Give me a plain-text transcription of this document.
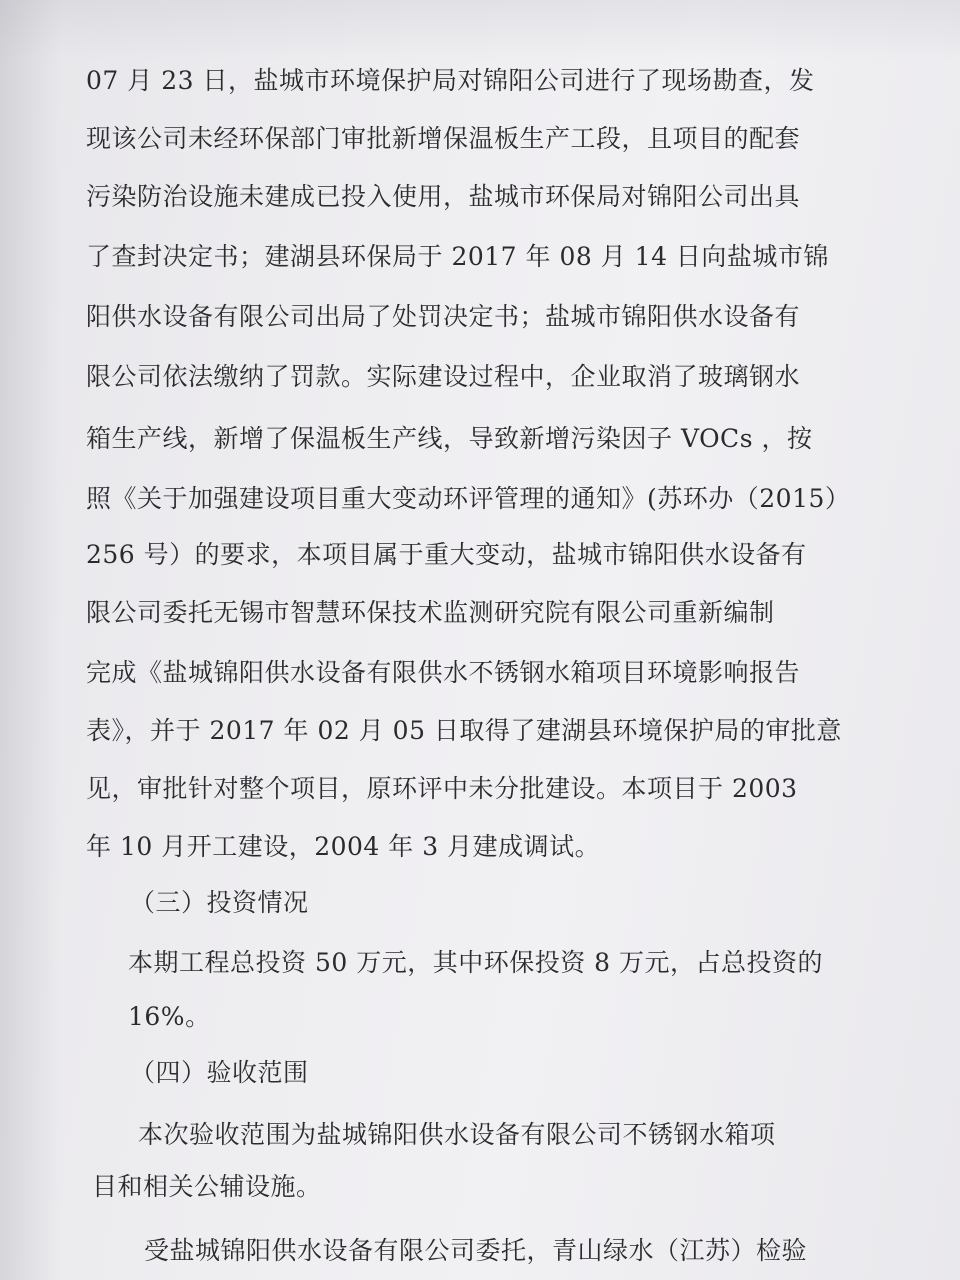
07 月 23 日，盐城市环境保护局对锦阳公司进行了现场勘查，发
现该公司未经环保部门审批新增保温板生产工段，且项目的配套
污染防治设施未建成已投入使用，盐城市环保局对锦阳公司出具
了查封决定书；建湖县环保局于 2017 年 08 月 14 日向盐城市锦
阳供水设备有限公司出局了处罚决定书；盐城市锦阳供水设备有
限公司依法缴纳了罚款。实际建设过程中，企业取消了玻璃钢水
箱生产线，新增了保温板生产线，导致新增污染因子 VOCs ，按
照《关于加强建设项目重大变动环评管理的通知》(苏环办（2015）
256 号）的要求，本项目属于重大变动，盐城市锦阳供水设备有
限公司委托无锡市智慧环保技术监测研究院有限公司重新编制
完成《盐城锦阳供水设备有限供水不锈钢水箱项目环境影响报告
表》，并于 2017 年 02 月 05 日取得了建湖县环境保护局的审批意
见，审批针对整个项目，原环评中未分批建设。本项目于 2003
年 10 月开工建设，2004 年 3 月建成调试。
（三）投资情况
本期工程总投资 50 万元，其中环保投资 8 万元，占总投资的
16%。
（四）验收范围
本次验收范围为盐城锦阳供水设备有限公司不锈钢水箱项
目和相关公辅设施。
受盐城锦阳供水设备有限公司委托，青山绿水（江苏）检验
